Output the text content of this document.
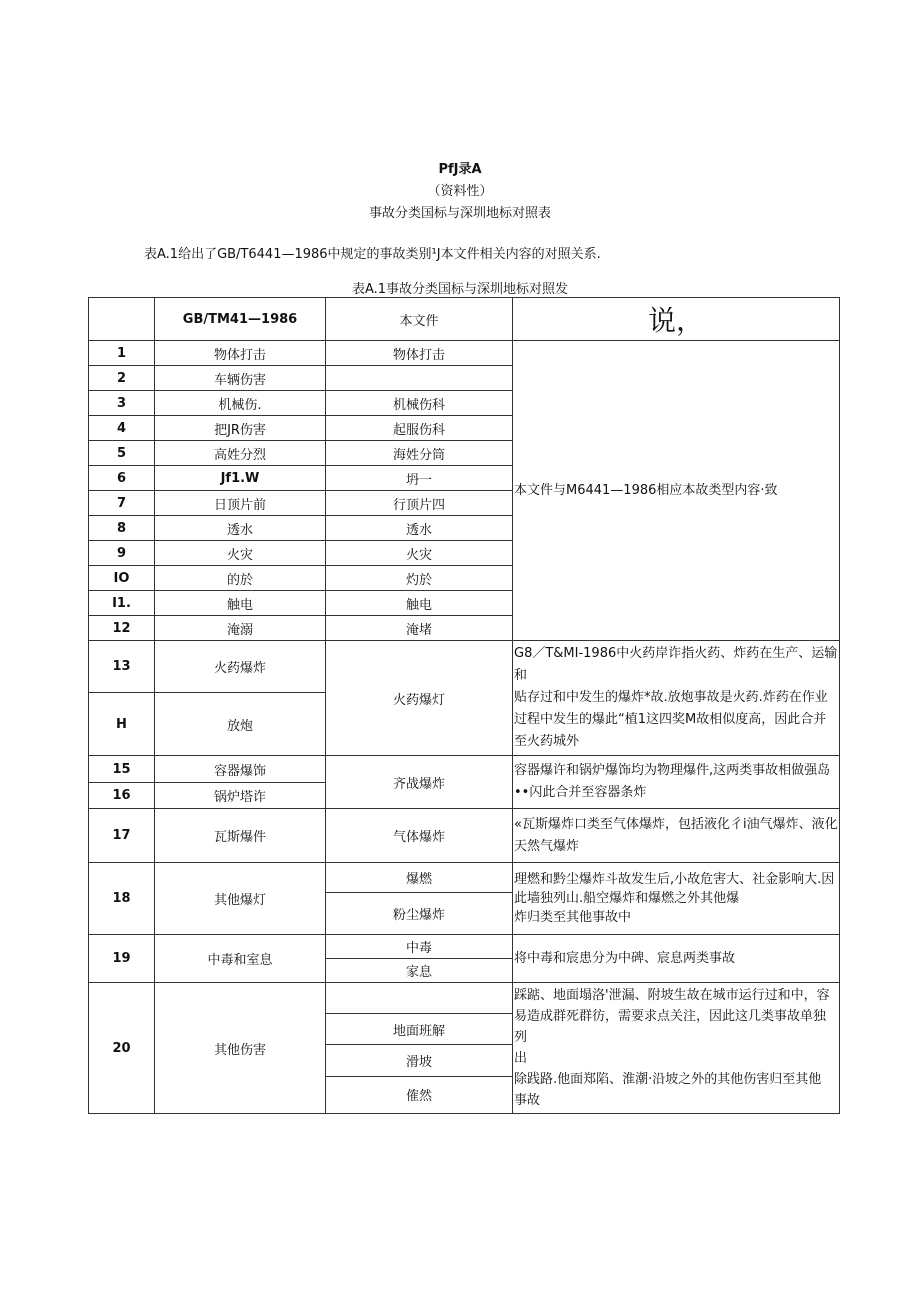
PfJ录A
（资料性）
事故分类国标与深圳地标对照表
表A.1给出了GB/T6441—1986中规定的事故类别¹J本文件相关内容的对照关系.
表A.1事故分类国标与深圳地标对照发
	GB/TM41—1986	本文件	说，
1	物体打击	物体打击	本文件与M6441—1986相应本故类型内容·致
2	车辆伤害		
3	机械伤.	机械伤科	
4	把JR伤害	起服伤科	
5	高姓分烈	海姓分筒	
6	Jf1.W	坍一	
7	日顶片前	行顶片四	
8	透水	透水	
9	火灾	火灾	
IO	的於	灼於	
I1.	触电	触电	
12	淹溺	淹堵	
13	火药爆炸	火药爆灯	G8／T&MI-1986中火药岸诈指火药、炸药在生产、运输和
贴存过和中发生的爆炸*故.放炮事故是火药.炸药在作业
过程中发生的爆此“植1这四奖M故相似度高，因此合并
至火药城外

H	放炮		
15	容器爆饰	齐战爆炸	容器爆许和锅炉爆饰均为物理爆件,这两类事故相做强岛
••闪此合并至容器条炸

16	锅炉塔诈		
17	瓦斯爆件	气体爆炸	«瓦斯爆炸口类至气体爆炸，包括液化彳i油气爆炸、液化
天然气爆炸

18	其他爆灯	爆燃	理燃和黔尘爆炸斗故发生后,小故危害大、社金影响大.因
此墙独列山.船空爆炸和爆燃之外其他爆
炸归类至其他事故中

		粉尘爆炸	
19	中毒和室息	中毒	将中毒和宸患分为中碑、宸息两类事故
		家息	
20	其他伤害		踩踮、地面塌洛'泄漏、附坡生故在城市运行过和中，容
易造成群死群彷，需要求点关注，因此这几类事故单独列
出
除践路.他面郑陷、淮潮·沿坡之外的其他伤害归至其他
事故

		地面班解	
		滑坡	
		傕然	
